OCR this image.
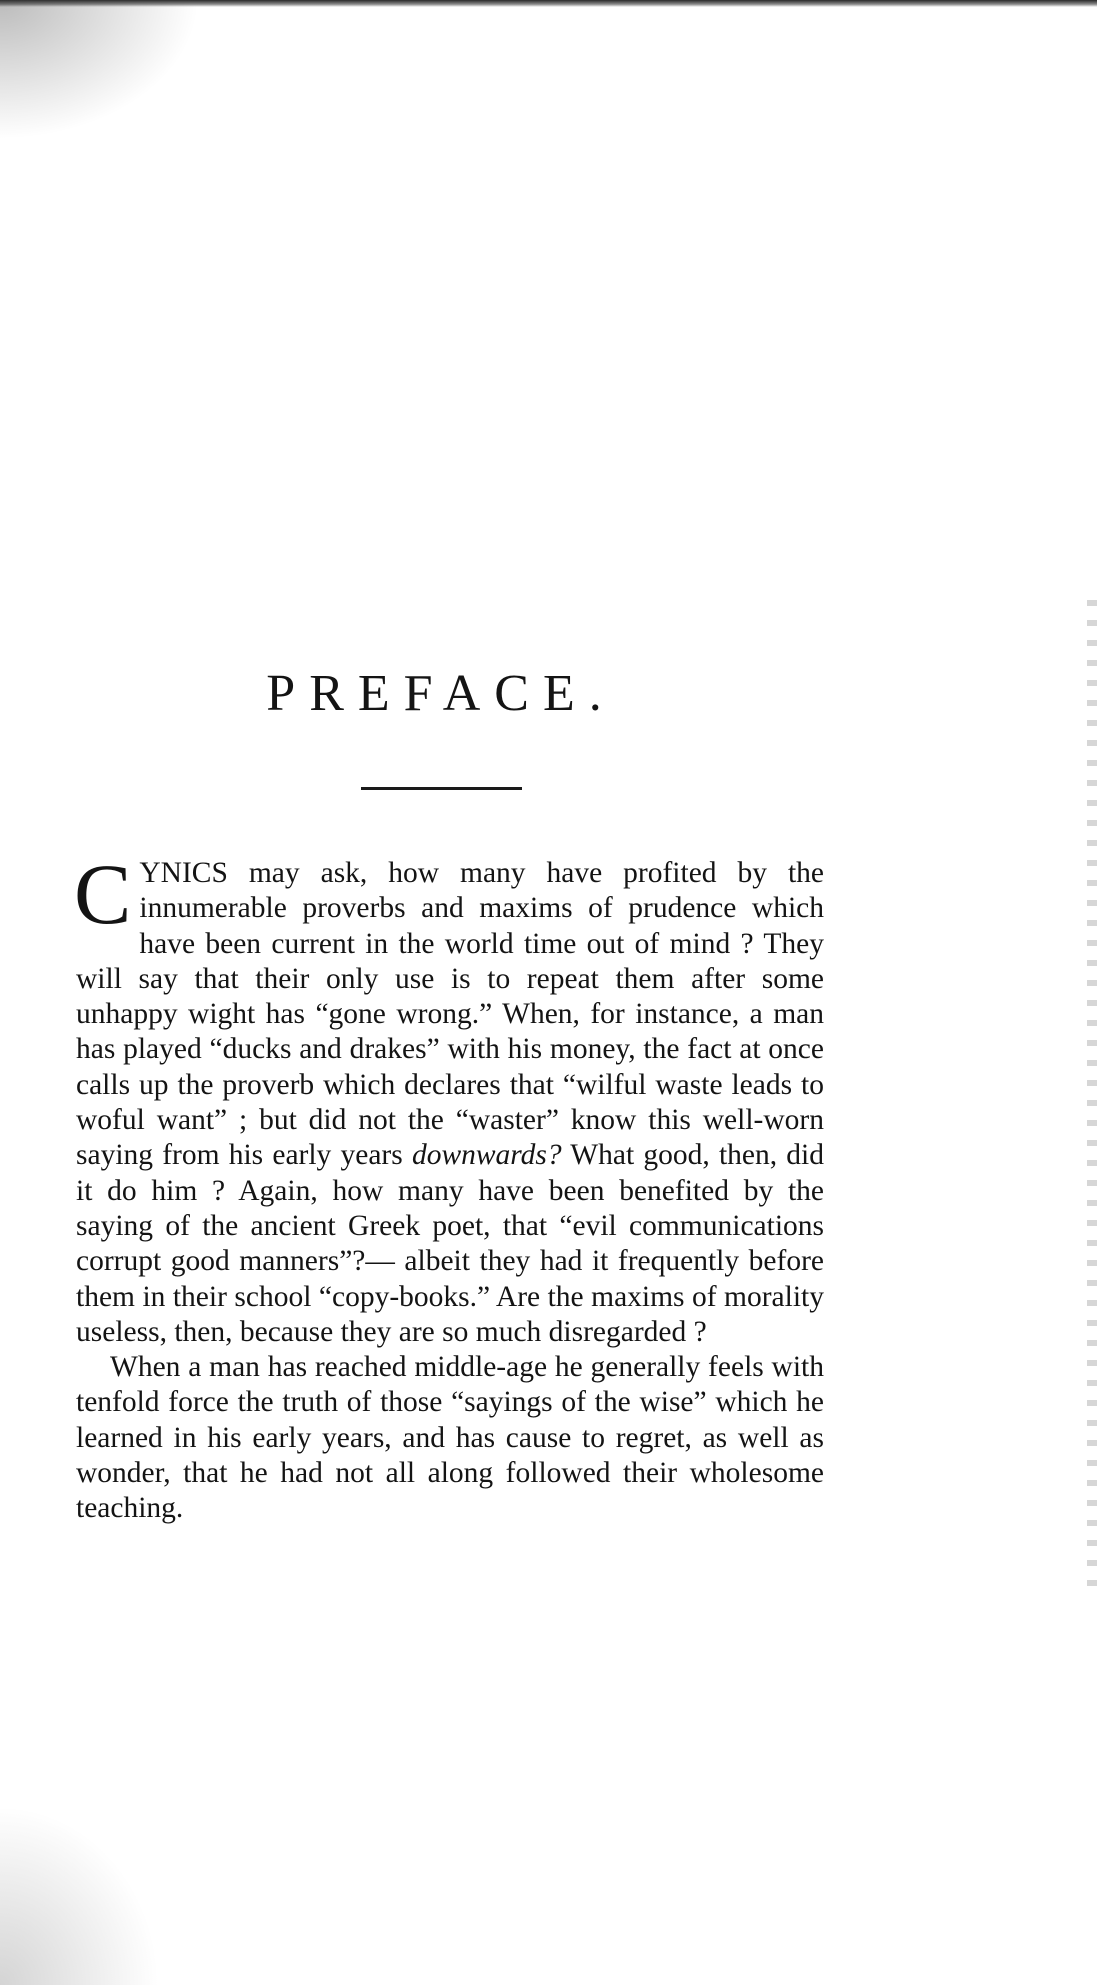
PREFACE.

CYNICS may ask, how many have profited by the innumerable proverbs and maxims of prudence which have been current in the world time out of mind ? They will say that their only use is to repeat them after some unhappy wight has “gone wrong.” When, for instance, a man has played “ducks and drakes” with his money, the fact at once calls up the proverb which declares that “wilful waste leads to woful want” ; but did not the “waster” know this well-worn saying from his early years downwards? What good, then, did it do him ? Again, how many have been benefited by the saying of the ancient Greek poet, that “evil communications corrupt good manners”?— albeit they had it frequently before them in their school “copy-books.” Are the maxims of morality useless, then, because they are so much disregarded ?

When a man has reached middle-age he generally feels with tenfold force the truth of those “sayings of the wise” which he learned in his early years, and has cause to regret, as well as wonder, that he had not all along followed their wholesome teaching.
